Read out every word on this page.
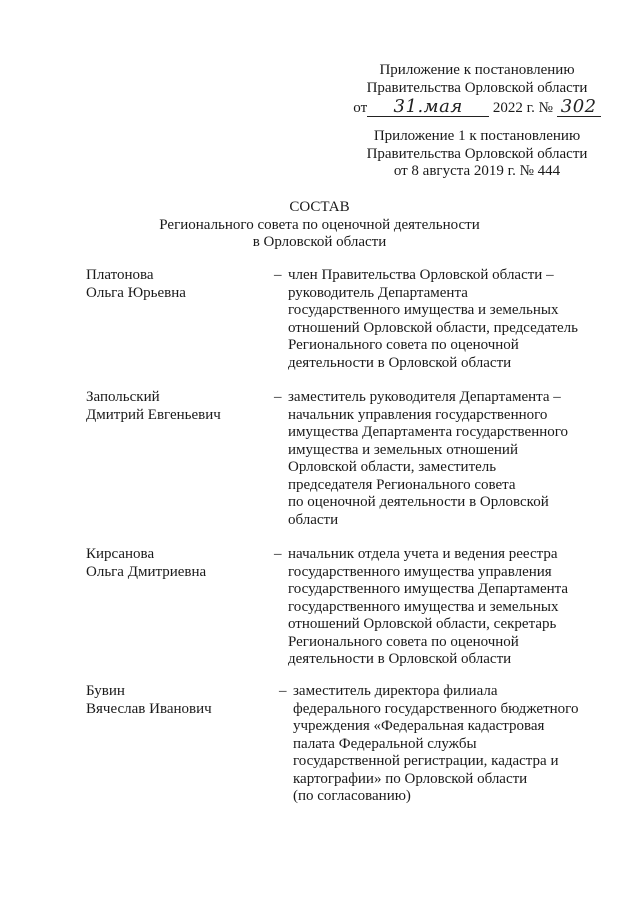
Приложение к постановлению
Правительства Орловской области
от 31.мая 2022 г. № 302
Приложение 1 к постановлению
Правительства Орловской области
от 8 августа 2019 г. № 444
СОСТАВ
Регионального совета по оценочной деятельности
в Орловской области
Платонова
Ольга Юрьевна
– член Правительства Орловской области –
руководитель Департамента
государственного имущества и земельных
отношений Орловской области, председатель
Регионального совета по оценочной
деятельности в Орловской области
Запольский
Дмитрий Евгеньевич
– заместитель руководителя Департамента –
начальник управления государственного
имущества Департамента государственного
имущества и земельных отношений
Орловской области, заместитель
председателя Регионального совета
по оценочной деятельности в Орловской
области
Кирсанова
Ольга Дмитриевна
– начальник отдела учета и ведения реестра
государственного имущества управления
государственного имущества Департамента
государственного имущества и земельных
отношений Орловской области, секретарь
Регионального совета по оценочной
деятельности в Орловской области
Бувин
Вячеслав Иванович
– заместитель директора филиала
федерального государственного бюджетного
учреждения «Федеральная кадастровая
палата Федеральной службы
государственной регистрации, кадастра и
картографии» по Орловской области
(по согласованию)
